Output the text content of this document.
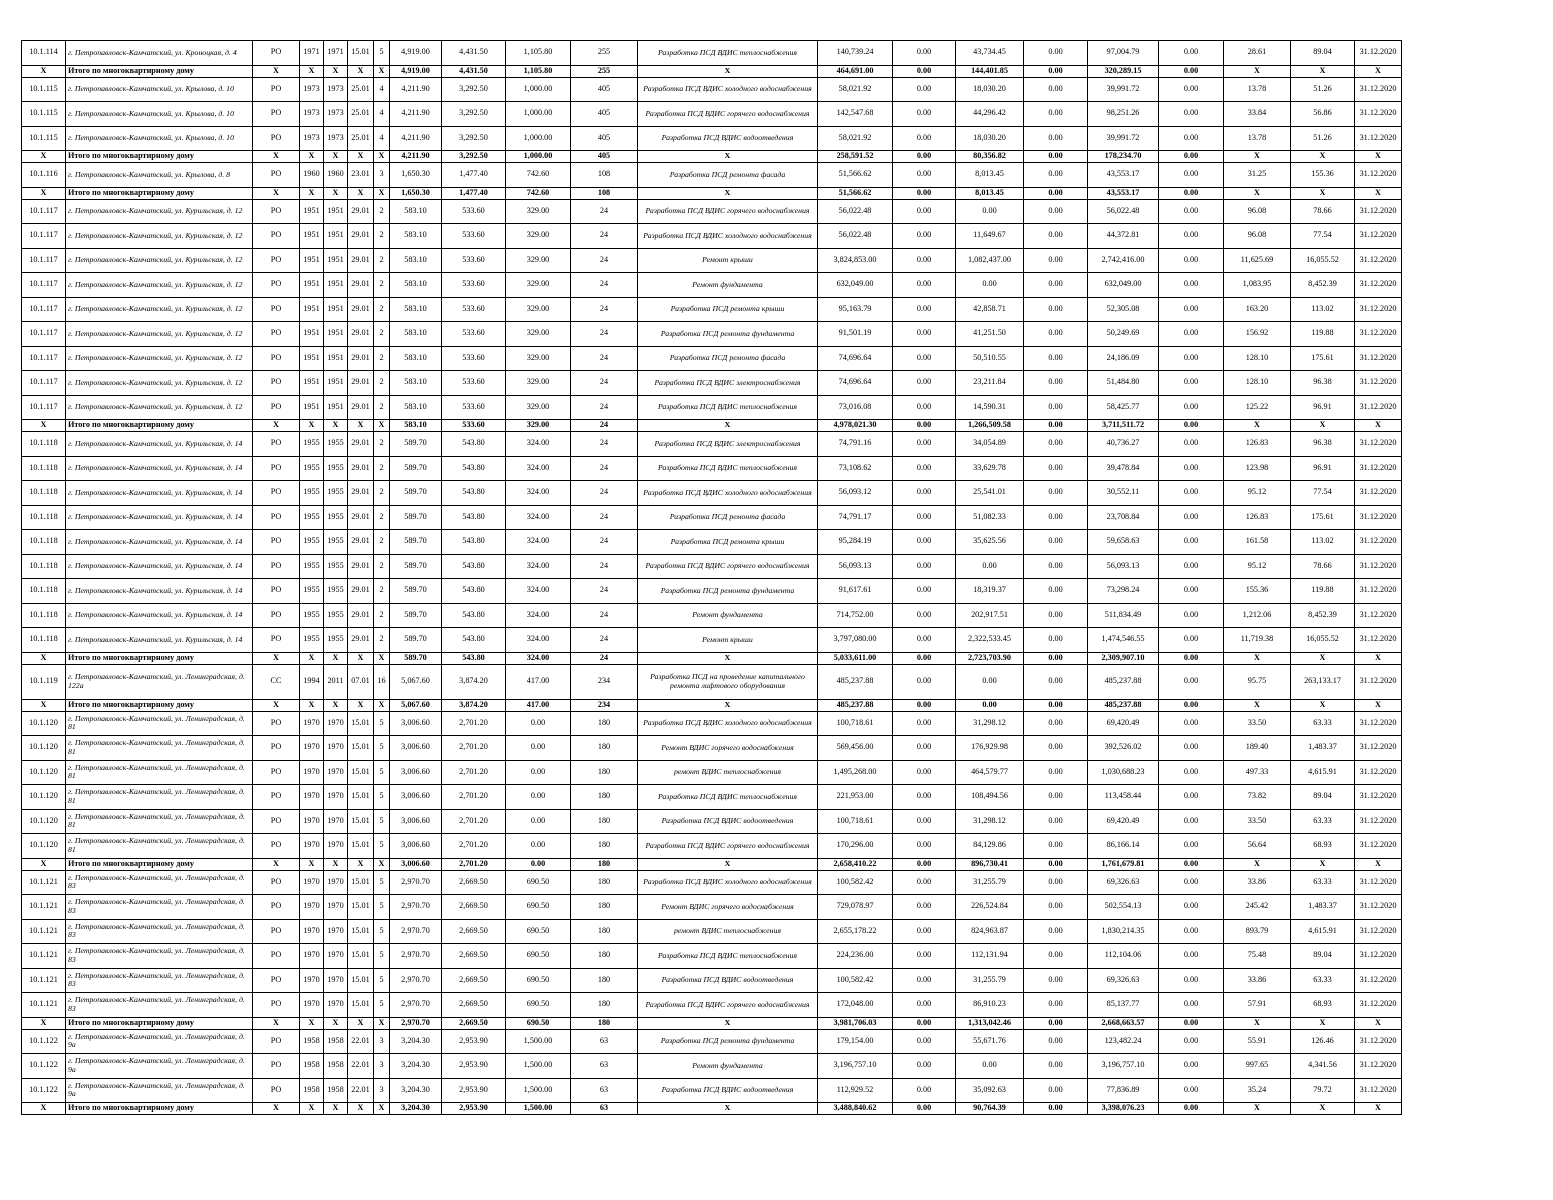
10.1.114	г. Петропавловск-Камчатский, ул. Кроноцкая, д. 4	РО	1971	1971	15.01	5	4,919.00	4,431.50	1,105.80	255	Разработка ПСД ВДИС теплоснабжения	140,739.24	0.00	43,734.45	0.00	97,004.79	0.00	28.61	89.04	31.12.2020
X	Итого по многоквартирному дому	X	X	X	X	X	4,919.00	4,431.50	1,105.80	255	X	464,691.00	0.00	144,401.85	0.00	320,289.15	0.00	X	X	X
10.1.115	г. Петропавловск-Камчатский, ул. Крылова, д. 10	РО	1973	1973	25.01	4	4,211.90	3,292.50	1,000.00	405	Разработка ПСД ВДИС холодного водоснабжения	58,021.92	0.00	18,030.20	0.00	39,991.72	0.00	13.78	51.26	31.12.2020
10.1.115	г. Петропавловск-Камчатский, ул. Крылова, д. 10	РО	1973	1973	25.01	4	4,211.90	3,292.50	1,000.00	405	Разработка ПСД ВДИС горячего водоснабжения	142,547.68	0.00	44,296.42	0.00	98,251.26	0.00	33.84	56.86	31.12.2020
10.1.115	г. Петропавловск-Камчатский, ул. Крылова, д. 10	РО	1973	1973	25.01	4	4,211.90	3,292.50	1,000.00	405	Разработка ПСД ВДИС водоотведения	58,021.92	0.00	18,030.20	0.00	39,991.72	0.00	13.78	51.26	31.12.2020
X	Итого по многоквартирному дому	X	X	X	X	X	4,211.90	3,292.50	1,000.00	405	X	258,591.52	0.00	80,356.82	0.00	178,234.70	0.00	X	X	X
10.1.116	г. Петропавловск-Камчатский, ул. Крылова, д. 8	РО	1960	1960	23.01	3	1,650.30	1,477.40	742.60	108	Разработка ПСД ремонта фасада	51,566.62	0.00	8,013.45	0.00	43,553.17	0.00	31.25	155.36	31.12.2020
X	Итого по многоквартирному дому	X	X	X	X	X	1,650.30	1,477.40	742.60	108	X	51,566.62	0.00	8,013.45	0.00	43,553.17	0.00	X	X	X
10.1.117	г. Петропавловск-Камчатский, ул. Курильская, д. 12	РО	1951	1951	29.01	2	583.10	533.60	329.00	24	Разработка ПСД ВДИС горячего водоснабжения	56,022.48	0.00	0.00	0.00	56,022.48	0.00	96.08	78.66	31.12.2020
10.1.117	г. Петропавловск-Камчатский, ул. Курильская, д. 12	РО	1951	1951	29.01	2	583.10	533.60	329.00	24	Разработка ПСД ВДИС холодного водоснабжения	56,022.48	0.00	11,649.67	0.00	44,372.81	0.00	96.08	77.54	31.12.2020
10.1.117	г. Петропавловск-Камчатский, ул. Курильская, д. 12	РО	1951	1951	29.01	2	583.10	533.60	329.00	24	Ремонт крыши	3,824,853.00	0.00	1,082,437.00	0.00	2,742,416.00	0.00	11,625.69	16,055.52	31.12.2020
10.1.117	г. Петропавловск-Камчатский, ул. Курильская, д. 12	РО	1951	1951	29.01	2	583.10	533.60	329.00	24	Ремонт фундамента	632,049.00	0.00	0.00	0.00	632,049.00	0.00	1,083.95	8,452.39	31.12.2020
10.1.117	г. Петропавловск-Камчатский, ул. Курильская, д. 12	РО	1951	1951	29.01	2	583.10	533.60	329.00	24	Разработка ПСД ремонта крыши	95,163.79	0.00	42,858.71	0.00	52,305.08	0.00	163.20	113.02	31.12.2020
10.1.117	г. Петропавловск-Камчатский, ул. Курильская, д. 12	РО	1951	1951	29.01	2	583.10	533.60	329.00	24	Разработка ПСД ремонта фундамента	91,501.19	0.00	41,251.50	0.00	50,249.69	0.00	156.92	119.88	31.12.2020
10.1.117	г. Петропавловск-Камчатский, ул. Курильская, д. 12	РО	1951	1951	29.01	2	583.10	533.60	329.00	24	Разработка ПСД ремонта фасада	74,696.64	0.00	50,510.55	0.00	24,186.09	0.00	128.10	175.61	31.12.2020
10.1.117	г. Петропавловск-Камчатский, ул. Курильская, д. 12	РО	1951	1951	29.01	2	583.10	533.60	329.00	24	Разработка ПСД ВДИС электроснабжения	74,696.64	0.00	23,211.84	0.00	51,484.80	0.00	128.10	96.38	31.12.2020
10.1.117	г. Петропавловск-Камчатский, ул. Курильская, д. 12	РО	1951	1951	29.01	2	583.10	533.60	329.00	24	Разработка ПСД ВДИС теплоснабжения	73,016.08	0.00	14,590.31	0.00	58,425.77	0.00	125.22	96.91	31.12.2020
X	Итого по многоквартирному дому	X	X	X	X	X	583.10	533.60	329.00	24	X	4,978,021.30	0.00	1,266,509.58	0.00	3,711,511.72	0.00	X	X	X
10.1.118	г. Петропавловск-Камчатский, ул. Курильская, д. 14	РО	1955	1955	29.01	2	589.70	543.80	324.00	24	Разработка ПСД ВДИС электроснабжения	74,791.16	0.00	34,054.89	0.00	40,736.27	0.00	126.83	96.38	31.12.2020
10.1.118	г. Петропавловск-Камчатский, ул. Курильская, д. 14	РО	1955	1955	29.01	2	589.70	543.80	324.00	24	Разработка ПСД ВДИС теплоснабжения	73,108.62	0.00	33,629.78	0.00	39,478.84	0.00	123.98	96.91	31.12.2020
10.1.118	г. Петропавловск-Камчатский, ул. Курильская, д. 14	РО	1955	1955	29.01	2	589.70	543.80	324.00	24	Разработка ПСД ВДИС холодного водоснабжения	56,093.12	0.00	25,541.01	0.00	30,552.11	0.00	95.12	77.54	31.12.2020
10.1.118	г. Петропавловск-Камчатский, ул. Курильская, д. 14	РО	1955	1955	29.01	2	589.70	543.80	324.00	24	Разработка ПСД ремонта фасада	74,791.17	0.00	51,082.33	0.00	23,708.84	0.00	126.83	175.61	31.12.2020
10.1.118	г. Петропавловск-Камчатский, ул. Курильская, д. 14	РО	1955	1955	29.01	2	589.70	543.80	324.00	24	Разработка ПСД ремонта крыши	95,284.19	0.00	35,625.56	0.00	59,658.63	0.00	161.58	113.02	31.12.2020
10.1.118	г. Петропавловск-Камчатский, ул. Курильская, д. 14	РО	1955	1955	29.01	2	589.70	543.80	324.00	24	Разработка ПСД ВДИС горячего водоснабжения	56,093.13	0.00	0.00	0.00	56,093.13	0.00	95.12	78.66	31.12.2020
10.1.118	г. Петропавловск-Камчатский, ул. Курильская, д. 14	РО	1955	1955	29.01	2	589.70	543.80	324.00	24	Разработка ПСД ремонта фундамента	91,617.61	0.00	18,319.37	0.00	73,298.24	0.00	155.36	119.88	31.12.2020
10.1.118	г. Петропавловск-Камчатский, ул. Курильская, д. 14	РО	1955	1955	29.01	2	589.70	543.80	324.00	24	Ремонт фундамента	714,752.00	0.00	202,917.51	0.00	511,834.49	0.00	1,212.06	8,452.39	31.12.2020
10.1.118	г. Петропавловск-Камчатский, ул. Курильская, д. 14	РО	1955	1955	29.01	2	589.70	543.80	324.00	24	Ремонт крыши	3,797,080.00	0.00	2,322,533.45	0.00	1,474,546.55	0.00	11,719.38	16,055.52	31.12.2020
X	Итого по многоквартирному дому	X	X	X	X	X	589.70	543.80	324.00	24	X	5,033,611.00	0.00	2,723,703.90	0.00	2,309,907.10	0.00	X	X	X
10.1.119	г. Петропавловск-Камчатский, ул. Ленинградская, д. 122а	СС	1994	2011	07.01	16	5,067.60	3,874.20	417.00	234	Разработка ПСД на проведение капитального ремонта лифтового оборудования	485,237.88	0.00	0.00	0.00	485,237.88	0.00	95.75	263,133.17	31.12.2020
X	Итого по многоквартирному дому	X	X	X	X	X	5,067.60	3,874.20	417.00	234	X	485,237.88	0.00	0.00	0.00	485,237.88	0.00	X	X	X
10.1.120	г. Петропавловск-Камчатский, ул. Ленинградская, д. 81	РО	1970	1970	15.01	5	3,006.60	2,701.20	0.00	180	Разработка ПСД ВДИС холодного водоснабжения	100,718.61	0.00	31,298.12	0.00	69,420.49	0.00	33.50	63.33	31.12.2020
10.1.120	г. Петропавловск-Камчатский, ул. Ленинградская, д. 81	РО	1970	1970	15.01	5	3,006.60	2,701.20	0.00	180	Ремонт ВДИС горячего водоснабжения	569,456.00	0.00	176,929.98	0.00	392,526.02	0.00	189.40	1,483.37	31.12.2020
10.1.120	г. Петропавловск-Камчатский, ул. Ленинградская, д. 81	РО	1970	1970	15.01	5	3,006.60	2,701.20	0.00	180	ремонт ВДИС теплоснабжения	1,495,268.00	0.00	464,579.77	0.00	1,030,688.23	0.00	497.33	4,615.91	31.12.2020
10.1.120	г. Петропавловск-Камчатский, ул. Ленинградская, д. 81	РО	1970	1970	15.01	5	3,006.60	2,701.20	0.00	180	Разработка ПСД ВДИС теплоснабжения	221,953.00	0.00	108,494.56	0.00	113,458.44	0.00	73.82	89.04	31.12.2020
10.1.120	г. Петропавловск-Камчатский, ул. Ленинградская, д. 81	РО	1970	1970	15.01	5	3,006.60	2,701.20	0.00	180	Разработка ПСД ВДИС водоотведения	100,718.61	0.00	31,298.12	0.00	69,420.49	0.00	33.50	63.33	31.12.2020
10.1.120	г. Петропавловск-Камчатский, ул. Ленинградская, д. 81	РО	1970	1970	15.01	5	3,006.60	2,701.20	0.00	180	Разработка ПСД ВДИС горячего водоснабжения	170,296.00	0.00	84,129.86	0.00	86,166.14	0.00	56.64	68.93	31.12.2020
X	Итого по многоквартирному дому	X	X	X	X	X	3,006.60	2,701.20	0.00	180	X	2,658,410.22	0.00	896,730.41	0.00	1,761,679.81	0.00	X	X	X
10.1.121	г. Петропавловск-Камчатский, ул. Ленинградская, д. 83	РО	1970	1970	15.01	5	2,970.70	2,669.50	690.50	180	Разработка ПСД ВДИС холодного водоснабжения	100,582.42	0.00	31,255.79	0.00	69,326.63	0.00	33.86	63.33	31.12.2020
10.1.121	г. Петропавловск-Камчатский, ул. Ленинградская, д. 83	РО	1970	1970	15.01	5	2,970.70	2,669.50	690.50	180	Ремонт ВДИС горячего водоснабжения	729,078.97	0.00	226,524.84	0.00	502,554.13	0.00	245.42	1,483.37	31.12.2020
10.1.121	г. Петропавловск-Камчатский, ул. Ленинградская, д. 83	РО	1970	1970	15.01	5	2,970.70	2,669.50	690.50	180	ремонт ВДИС теплоснабжения	2,655,178.22	0.00	824,963.87	0.00	1,830,214.35	0.00	893.79	4,615.91	31.12.2020
10.1.121	г. Петропавловск-Камчатский, ул. Ленинградская, д. 83	РО	1970	1970	15.01	5	2,970.70	2,669.50	690.50	180	Разработка ПСД ВДИС теплоснабжения	224,236.00	0.00	112,131.94	0.00	112,104.06	0.00	75.48	89.04	31.12.2020
10.1.121	г. Петропавловск-Камчатский, ул. Ленинградская, д. 83	РО	1970	1970	15.01	5	2,970.70	2,669.50	690.50	180	Разработка ПСД ВДИС водоотведения	100,582.42	0.00	31,255.79	0.00	69,326.63	0.00	33.86	63.33	31.12.2020
10.1.121	г. Петропавловск-Камчатский, ул. Ленинградская, д. 83	РО	1970	1970	15.01	5	2,970.70	2,669.50	690.50	180	Разработка ПСД ВДИС горячего водоснабжения	172,048.00	0.00	86,910.23	0.00	85,137.77	0.00	57.91	68.93	31.12.2020
X	Итого по многоквартирному дому	X	X	X	X	X	2,970.70	2,669.50	690.50	180	X	3,981,706.03	0.00	1,313,042.46	0.00	2,668,663.57	0.00	X	X	X
10.1.122	г. Петропавловск-Камчатский, ул. Ленинградская, д. 9а	РО	1958	1958	22.01	3	3,204.30	2,953.90	1,500.00	63	Разработка ПСД ремонта фундамента	179,154.00	0.00	55,671.76	0.00	123,482.24	0.00	55.91	126.46	31.12.2020
10.1.122	г. Петропавловск-Камчатский, ул. Ленинградская, д. 9а	РО	1958	1958	22.01	3	3,204.30	2,953.90	1,500.00	63	Ремонт фундамента	3,196,757.10	0.00	0.00	0.00	3,196,757.10	0.00	997.65	4,341.56	31.12.2020
10.1.122	г. Петропавловск-Камчатский, ул. Ленинградская, д. 9а	РО	1958	1958	22.01	3	3,204.30	2,953.90	1,500.00	63	Разработка ПСД ВДИС водоотведения	112,929.52	0.00	35,092.63	0.00	77,836.89	0.00	35.24	79.72	31.12.2020
X	Итого по многоквартирному дому	X	X	X	X	X	3,204.30	2,953.90	1,500.00	63	X	3,488,840.62	0.00	90,764.39	0.00	3,398,076.23	0.00	X	X	X
